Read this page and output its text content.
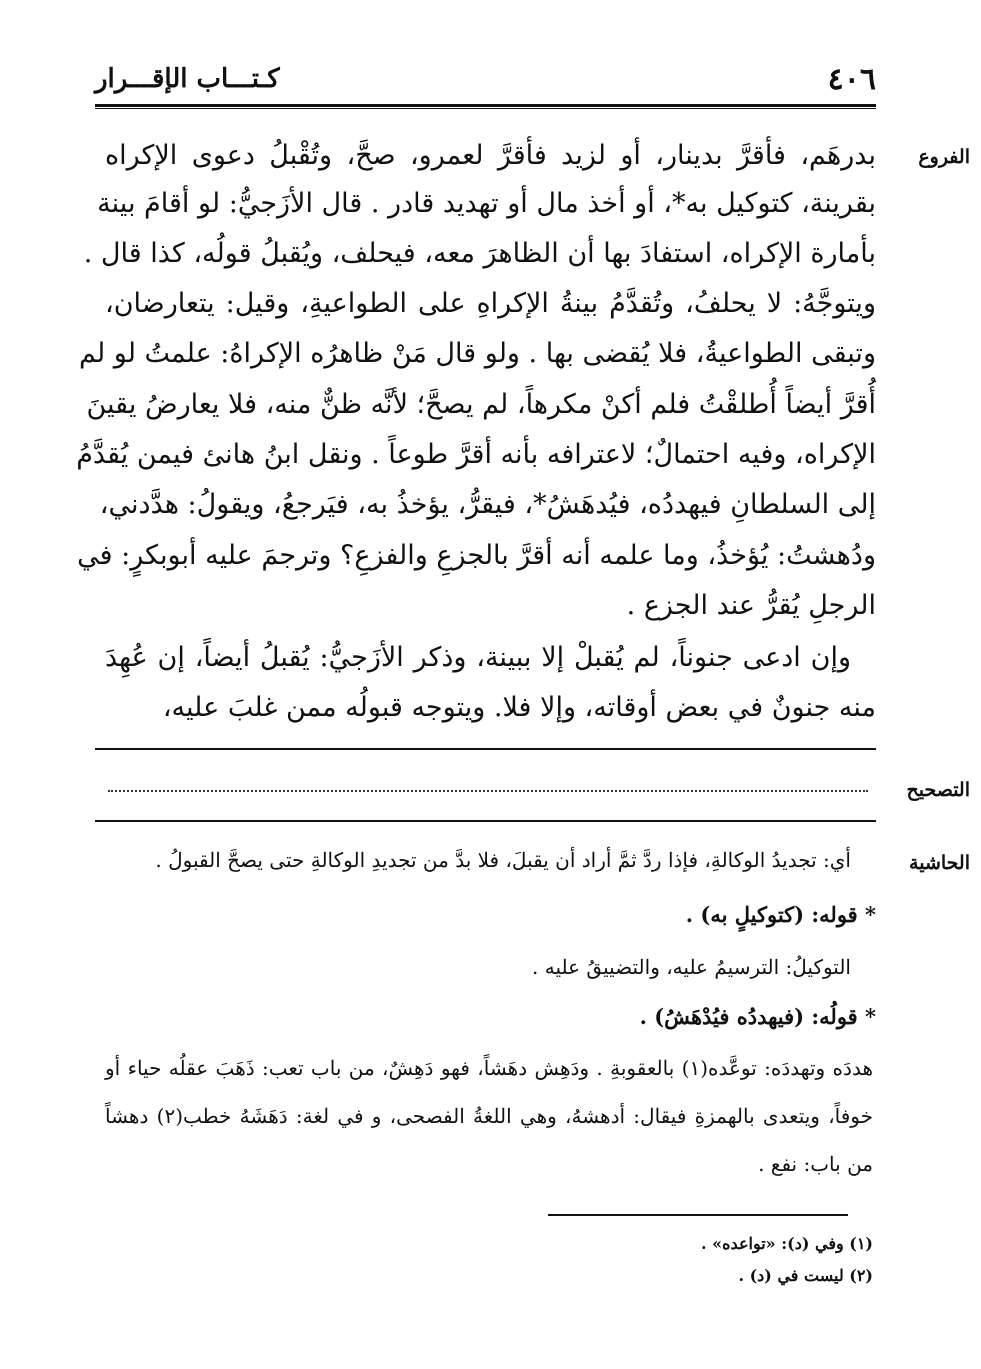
٤٠٦
كـتـــاب الإقـــرار
الفروع
بدرهَم، فأقرَّ بدينار، أو لزيد فأقرَّ لعمرو، صحَّ، وتُقْبلُ دعوى الإكراه
بقرينة، كتوكيل به*، أو أخذ مال أو تهديد قادر . قال الأزَجيُّ: لو أقامَ بينة
بأمارة الإكراه، استفادَ بها أن الظاهرَ معه، فيحلف، ويُقبلُ قولُه، كذا قال .
ويتوجَّهُ: لا يحلفُ، وتُقدَّمُ بينةُ الإكراهِ على الطواعيةِ، وقيل: يتعارضان،
وتبقى الطواعيةُ، فلا يُقضى بها . ولو قال مَنْ ظاهرُه الإكراهُ: علمتُ لو لم
أُقرَّ أيضاً أُطلقْتُ فلم أكنْ مكرهاً، لم يصحَّ؛ لأنَّه ظنٌّ منه، فلا يعارضُ يقينَ
الإكراه، وفيه احتمالٌ؛ لاعترافه بأنه أقرَّ طوعاً . ونقل ابنُ هانئ فيمن يُقدَّمُ
إلى السلطانِ فيهددُه، فيُدهَشُ*، فيقرُّ، يؤخذُ به، فيَرجعُ، ويقولُ: هدَّدني،
ودُهشتُ: يُؤخذُ، وما علمه أنه أقرَّ بالجزعِ والفزعِ؟ وترجمَ عليه أبوبكرٍ: في
الرجلِ يُقرُّ عند الجزع .
وإن ادعى جنوناً، لم يُقبلْ إلا ببينة، وذكر الأزَجيُّ: يُقبلُ أيضاً، إن عُهِدَ
منه جنونٌ في بعض أوقاته، وإلا فلا. ويتوجه قبولُه ممن غلبَ عليه،
التصحيح
الحاشية
أي: تجديدُ الوكالةِ، فإذا ردَّ ثمَّ أراد أن يقبلَ، فلا بدَّ من تجديدِ الوكالةِ حتى يصحَّ القبولُ .
* قوله: (كتوكيلٍ به) .
التوكيلُ: الترسيمُ عليه، والتضييقُ عليه .
* قولُه: (فيهددُه فيُدْهَشُ) .
هددَه وتهددَه: توعَّده(١) بالعقوبةِ . ودَهِش دهَشاً، فهو دَهِشٌ، من باب تعب: ذَهَبَ عقلُه حياء أو
خوفاً، ويتعدى بالهمزةِ فيقال: أدهشهُ، وهي اللغةُ الفصحى، و في لغة: دَهَشَهُ خطب(٢) دهشاً
من باب: نفع .
(١) وفي (د): «تواعده» .
(٢) ليست في (د) .
